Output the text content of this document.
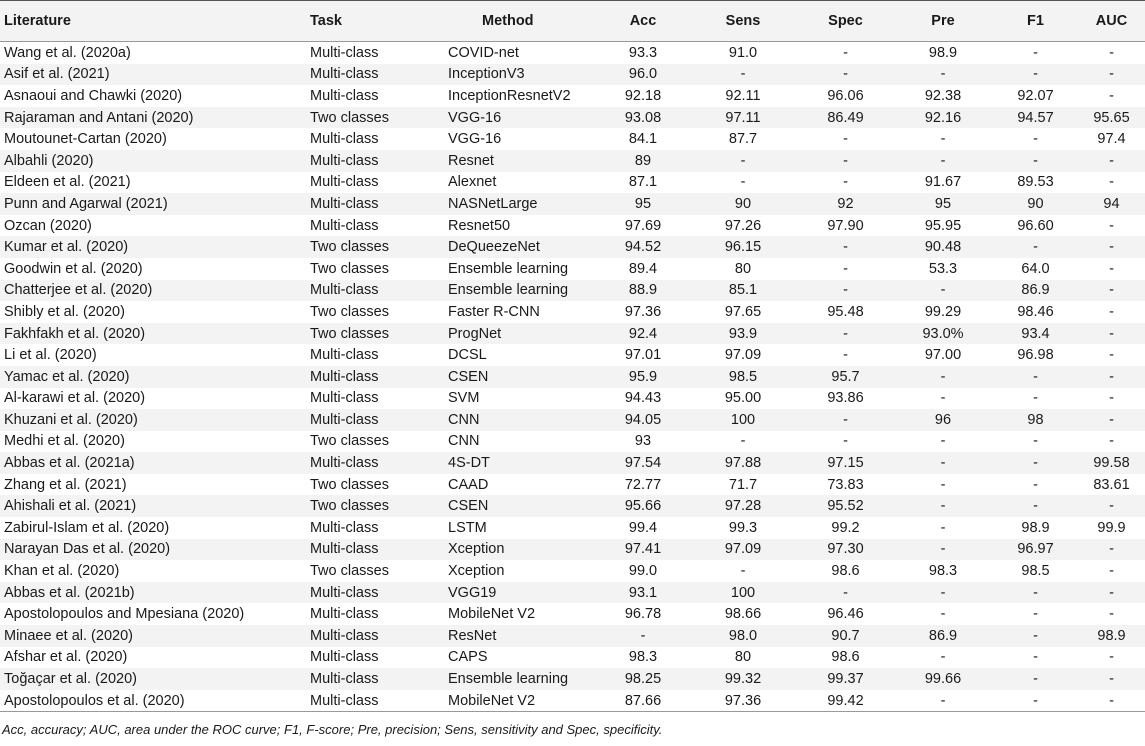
Literature	Task	Method	Acc	Sens	Spec	Pre	F1	AUC
Wang et al. (2020a)	Multi-class	COVID-net	93.3	91.0	-	98.9	-	-
Asif et al. (2021)	Multi-class	InceptionV3	96.0	-	-	-	-	-
Asnaoui and Chawki (2020)	Multi-class	InceptionResnetV2	92.18	92.11	96.06	92.38	92.07	-
Rajaraman and Antani (2020)	Two classes	VGG-16	93.08	97.11	86.49	92.16	94.57	95.65
Moutounet-Cartan (2020)	Multi-class	VGG-16	84.1	87.7	-	-	-	97.4
Albahli (2020)	Multi-class	Resnet	89	-	-	-	-	-
Eldeen et al. (2021)	Multi-class	Alexnet	87.1	-	-	91.67	89.53	-
Punn and Agarwal (2021)	Multi-class	NASNetLarge	95	90	92	95	90	94
Ozcan (2020)	Multi-class	Resnet50	97.69	97.26	97.90	95.95	96.60	-
Kumar et al. (2020)	Two classes	DeQueezeNet	94.52	96.15	-	90.48	-	-
Goodwin et al. (2020)	Two classes	Ensemble learning	89.4	80	-	53.3	64.0	-
Chatterjee et al. (2020)	Multi-class	Ensemble learning	88.9	85.1	-	-	86.9	-
Shibly et al. (2020)	Two classes	Faster R-CNN	97.36	97.65	95.48	99.29	98.46	-
Fakhfakh et al. (2020)	Two classes	ProgNet	92.4	93.9	-	93.0%	93.4	-
Li et al. (2020)	Multi-class	DCSL	97.01	97.09	-	97.00	96.98	-
Yamac et al. (2020)	Multi-class	CSEN	95.9	98.5	95.7	-	-	-
Al-karawi et al. (2020)	Multi-class	SVM	94.43	95.00	93.86	-	-	-
Khuzani et al. (2020)	Multi-class	CNN	94.05	100	-	96	98	-
Medhi et al. (2020)	Two classes	CNN	93	-	-	-	-	-
Abbas et al. (2021a)	Multi-class	4S-DT	97.54	97.88	97.15	-	-	99.58
Zhang et al. (2021)	Two classes	CAAD	72.77	71.7	73.83	-	-	83.61
Ahishali et al. (2021)	Two classes	CSEN	95.66	97.28	95.52	-	-	-
Zabirul-Islam et al. (2020)	Multi-class	LSTM	99.4	99.3	99.2	-	98.9	99.9
Narayan Das et al. (2020)	Multi-class	Xception	97.41	97.09	97.30	-	96.97	-
Khan et al. (2020)	Two classes	Xception	99.0	-	98.6	98.3	98.5	-
Abbas et al. (2021b)	Multi-class	VGG19	93.1	100	-	-	-	-
Apostolopoulos and Mpesiana (2020)	Multi-class	MobileNet V2	96.78	98.66	96.46	-	-	-
Minaee et al. (2020)	Multi-class	ResNet	-	98.0	90.7	86.9	-	98.9
Afshar et al. (2020)	Multi-class	CAPS	98.3	80	98.6	-	-	-
Toğaçar et al. (2020)	Multi-class	Ensemble learning	98.25	99.32	99.37	99.66	-	-
Apostolopoulos et al. (2020)	Multi-class	MobileNet V2	87.66	97.36	99.42	-	-	-
Acc, accuracy; AUC, area under the ROC curve; F1, F-score; Pre, precision; Sens, sensitivity and Spec, specificity.
